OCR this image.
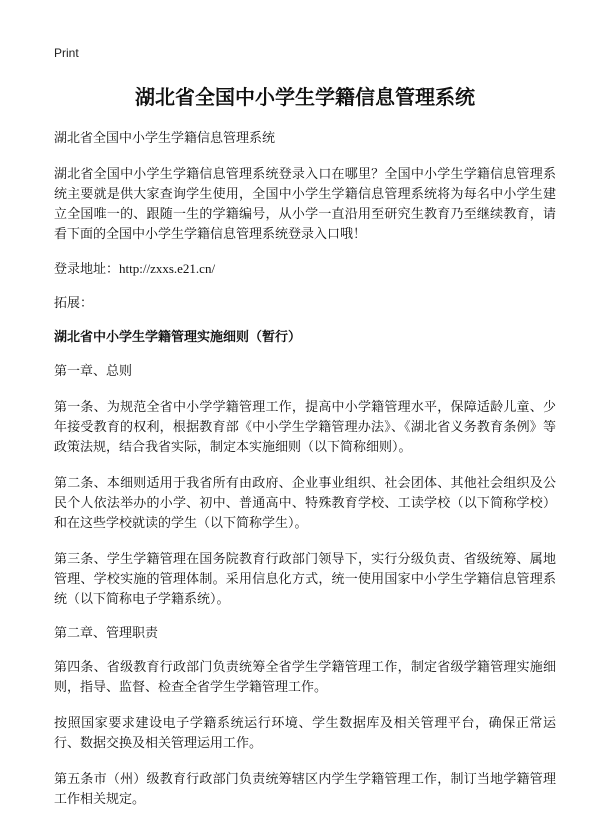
Print
湖北省全国中小学生学籍信息管理系统
湖北省全国中小学生学籍信息管理系统
湖北省全国中小学生学籍信息管理系统登录入口在哪里？全国中小学生学籍信息管理系统主要就是供大家查询学生使用，全国中小学生学籍信息管理系统将为每名中小学生建立全国唯一的、跟随一生的学籍编号，从小学一直沿用至研究生教育乃至继续教育，请看下面的全国中小学生学籍信息管理系统登录入口哦！
登录地址：http://zxxs.e21.cn/
拓展：
湖北省中小学生学籍管理实施细则（暂行）
第一章、总则
第一条、为规范全省中小学学籍管理工作，提高中小学籍管理水平，保障适龄儿童、少年接受教育的权利，根据教育部《中小学生学籍管理办法》、《湖北省义务教育条例》等政策法规，结合我省实际，制定本实施细则（以下简称细则）。
第二条、本细则适用于我省所有由政府、企业事业组织、社会团体、其他社会组织及公民个人依法举办的小学、初中、普通高中、特殊教育学校、工读学校（以下简称学校）和在这些学校就读的学生（以下简称学生）。
第三条、学生学籍管理在国务院教育行政部门领导下，实行分级负责、省级统筹、属地管理、学校实施的管理体制。采用信息化方式，统一使用国家中小学生学籍信息管理系统（以下简称电子学籍系统）。
第二章、管理职责
第四条、省级教育行政部门负责统筹全省学生学籍管理工作，制定省级学籍管理实施细则，指导、监督、检查全省学生学籍管理工作。
按照国家要求建设电子学籍系统运行环境、学生数据库及相关管理平台，确保正常运行、数据交换及相关管理运用工作。
第五条市（州）级教育行政部门负责统筹辖区内学生学籍管理工作，制订当地学籍管理工作相关规定。
